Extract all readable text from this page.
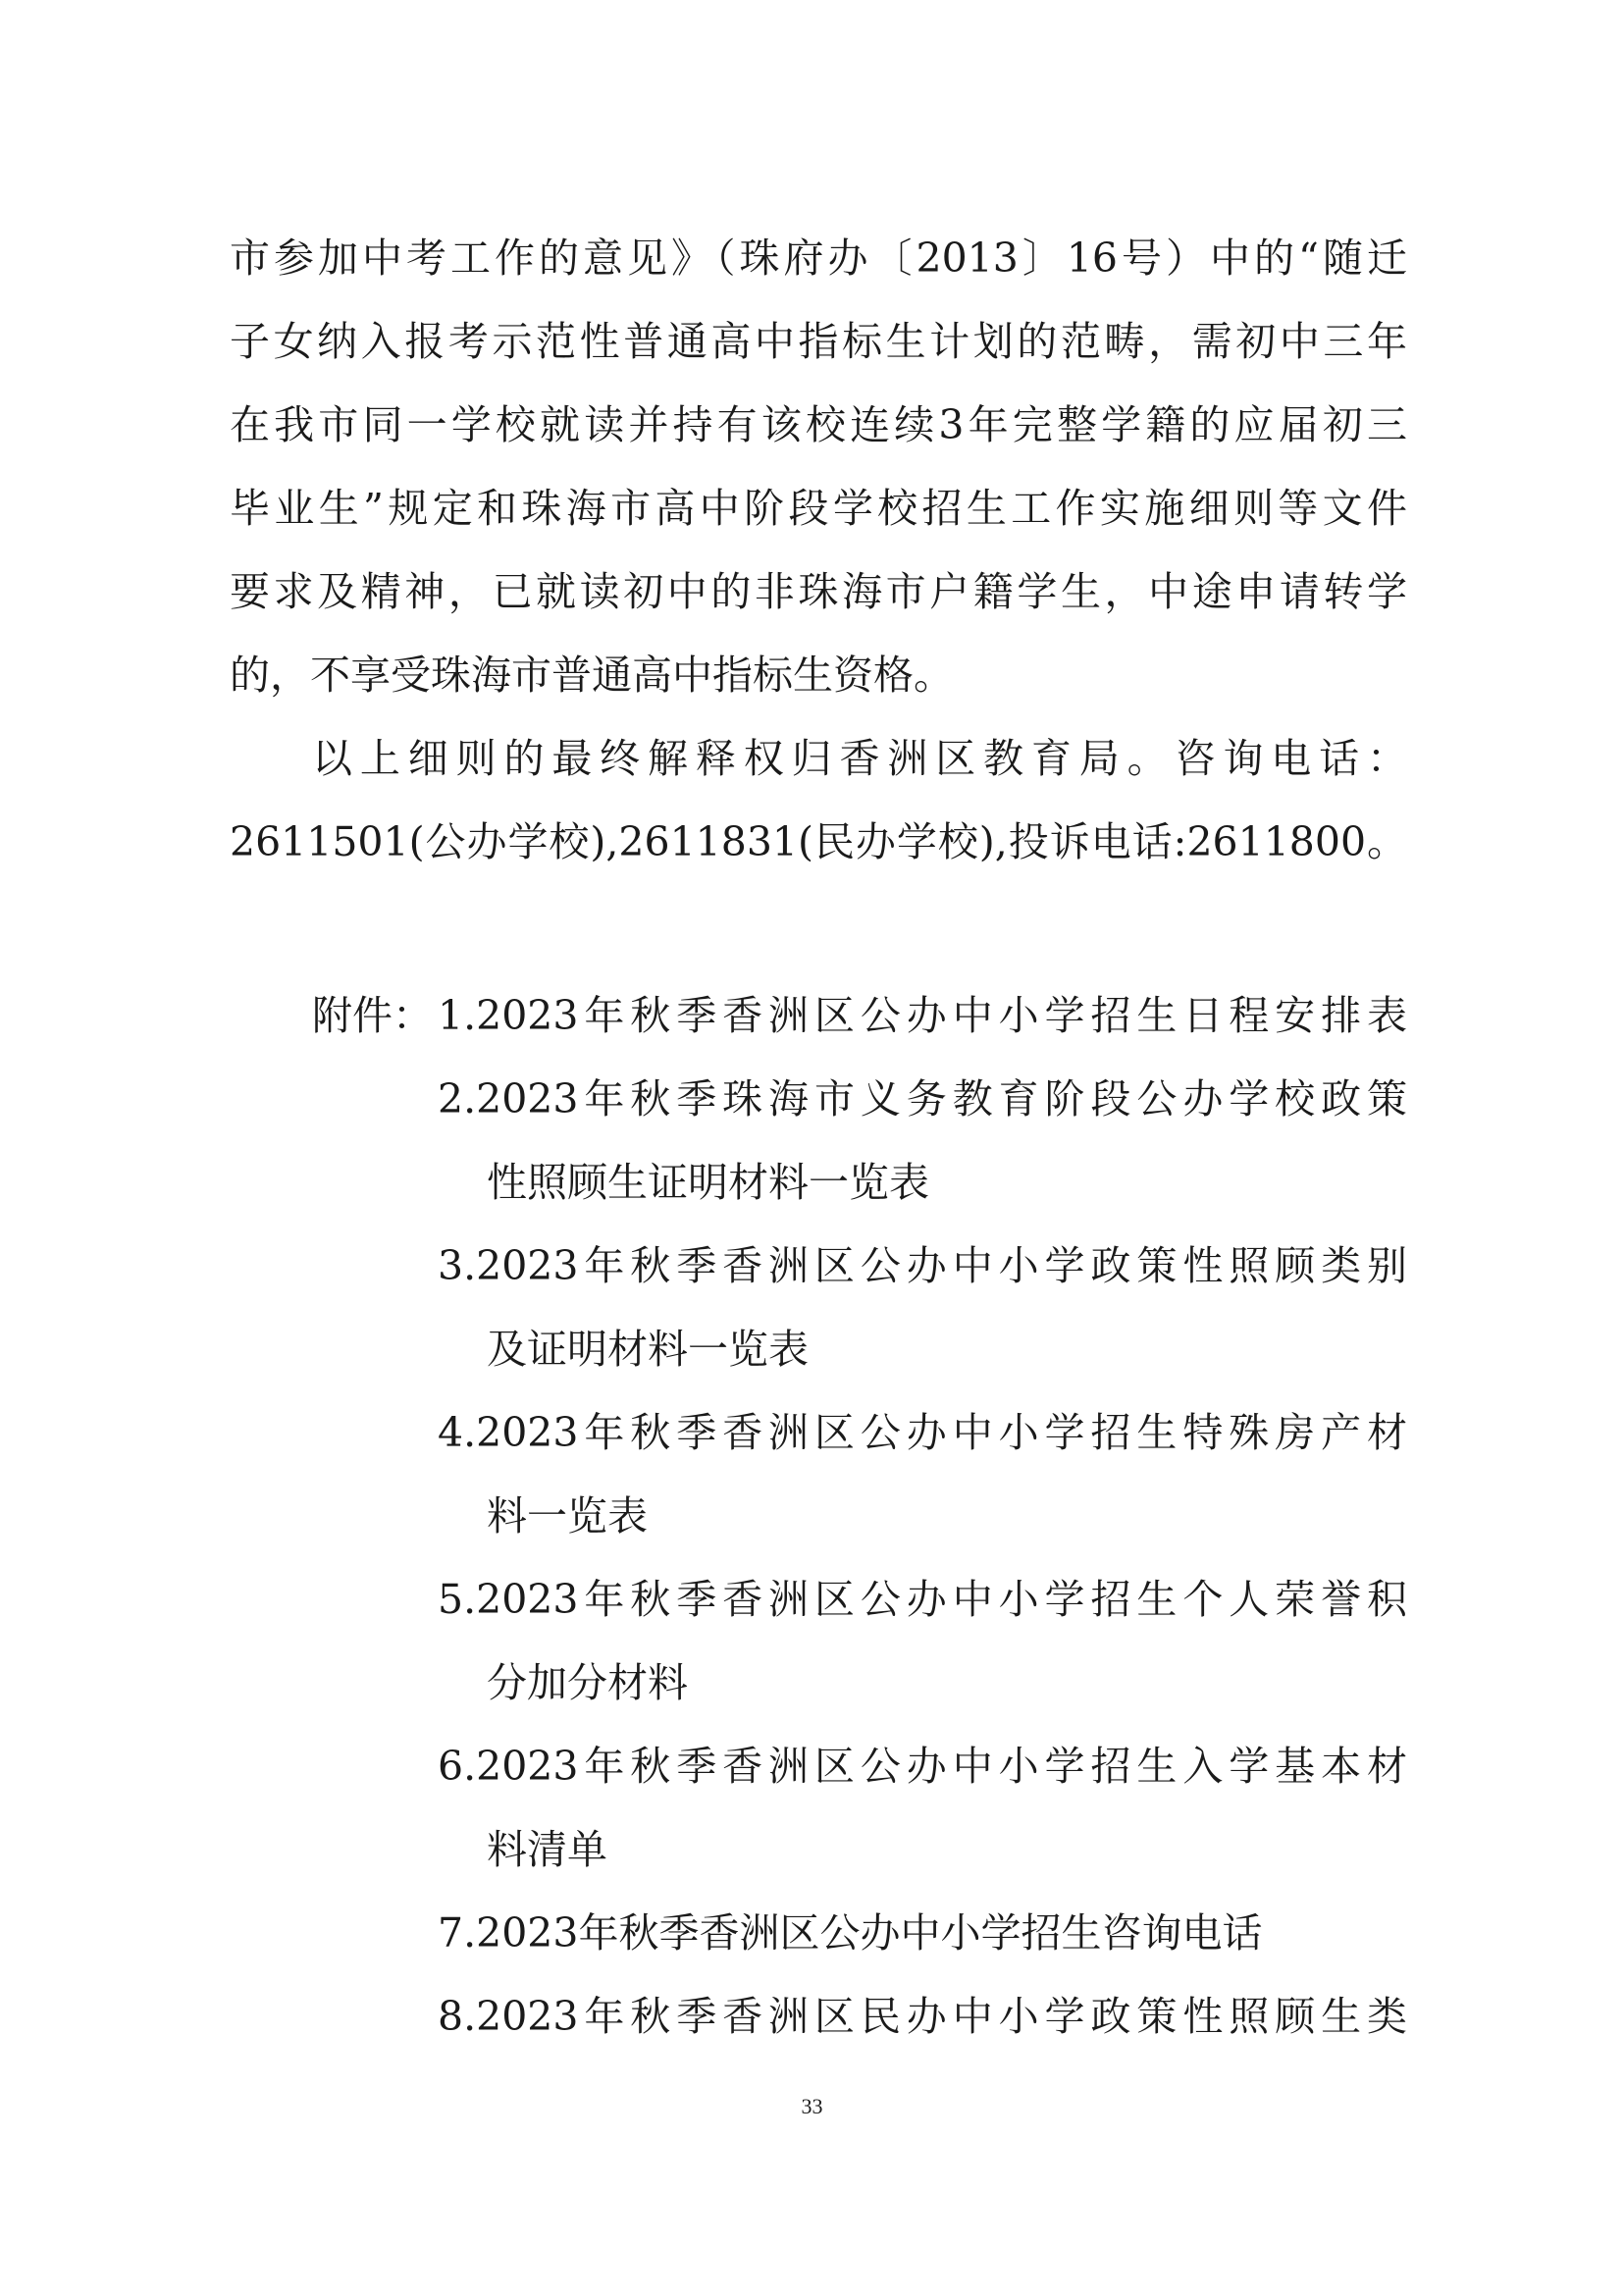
市参加中考工作的意见》（珠府办〔2013〕16号）中的“随迁
子女纳入报考示范性普通高中指标生计划的范畴，需初中三年
在我市同一学校就读并持有该校连续3年完整学籍的应届初三
毕业生”规定和珠海市高中阶段学校招生工作实施细则等文件
要求及精神，已就读初中的非珠海市户籍学生，中途申请转学
的，不享受珠海市普通高中指标生资格。
以上细则的最终解释权归香洲区教育局。咨询电话：
2611501(公办学校),2611831(民办学校),投诉电话:2611800。
附件： 1.2023年秋季香洲区公办中小学招生日程安排表
2.2023年秋季珠海市义务教育阶段公办学校政策
性照顾生证明材料一览表
3.2023年秋季香洲区公办中小学政策性照顾类别
及证明材料一览表
4.2023年秋季香洲区公办中小学招生特殊房产材
料一览表
5.2023年秋季香洲区公办中小学招生个人荣誉积
分加分材料
6.2023年秋季香洲区公办中小学招生入学基本材
料清单
7.2023年秋季香洲区公办中小学招生咨询电话
8.2023年秋季香洲区民办中小学政策性照顾生类
33
